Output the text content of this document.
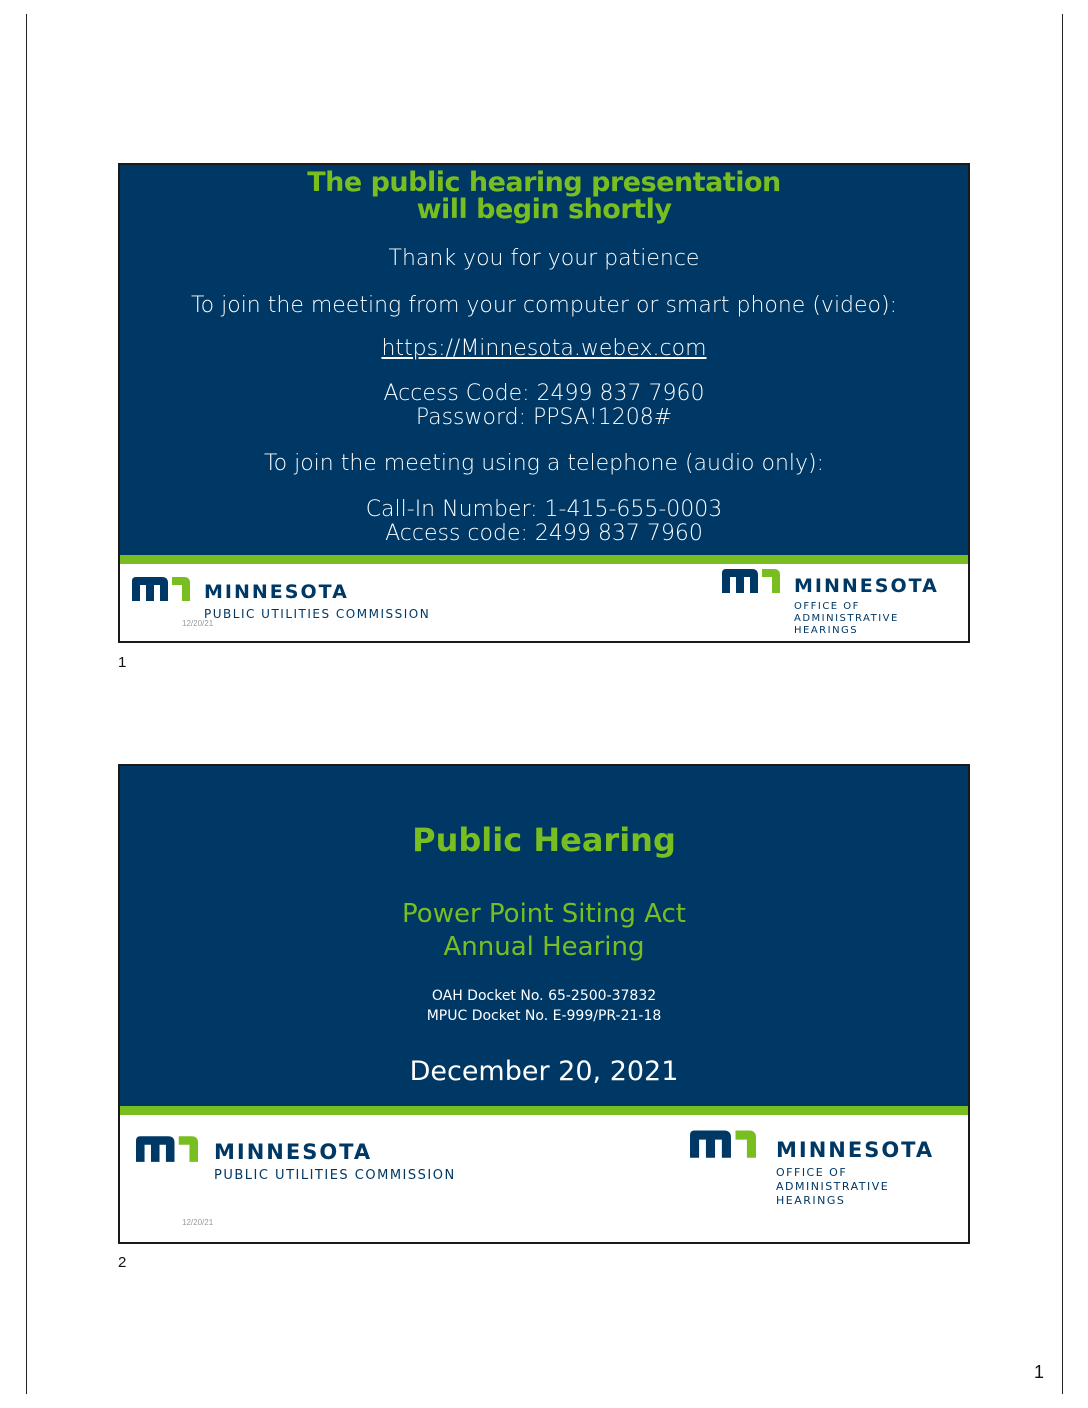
The public hearing presentation
will begin shortly
Thank you for your patience
To join the meeting from your computer or smart phone (video):
https://Minnesota.webex.com
Access Code: 2499 837 7960
Password: PPSA!1208#
To join the meeting using a telephone (audio only):
Call-In Number: 1-415-655-0003
Access code: 2499 837 7960
MINNESOTA
PUBLIC UTILITIES COMMISSION
12/20/21
MINNESOTA
OFFICE OF
ADMINISTRATIVE
HEARINGS
1
Public Hearing
Power Point Siting Act
Annual Hearing
OAH Docket No. 65-2500-37832
MPUC Docket No. E-999/PR-21-18
December 20, 2021
MINNESOTA
PUBLIC UTILITIES COMMISSION
12/20/21
MINNESOTA
OFFICE OF
ADMINISTRATIVE
HEARINGS
2
1
